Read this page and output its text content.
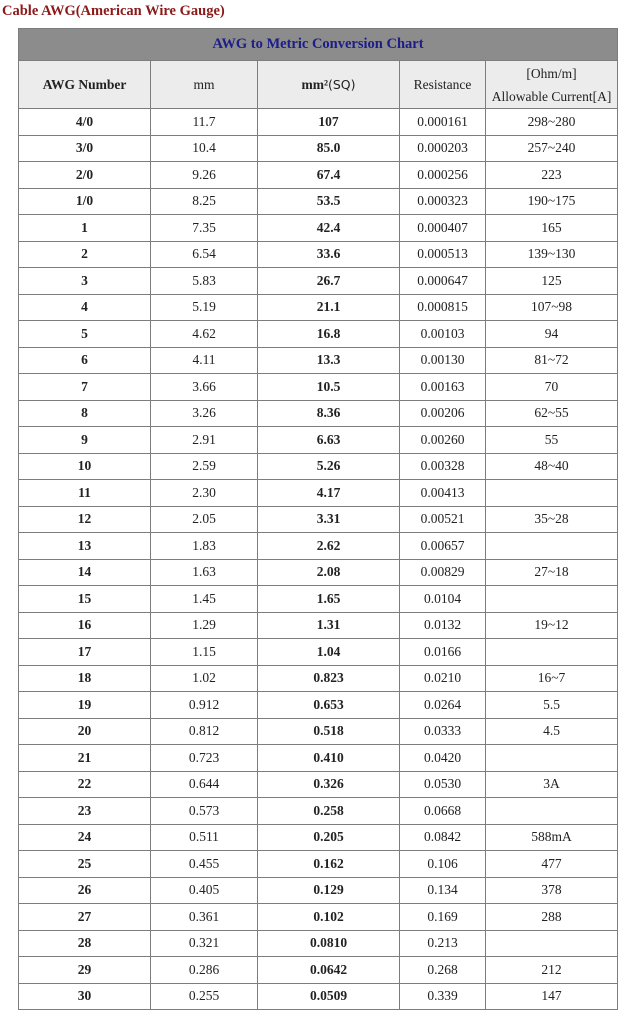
Cable AWG(American Wire Gauge)
AWG to Metric Conversion Chart				
AWG Number	mm	mm²(SQ)	Resistance	[Ohm/m]
Allowable Current[A]
4/0	11.7	107	0.000161	298~280
3/0	10.4	85.0	0.000203	257~240
2/0	9.26	67.4	0.000256	223
1/0	8.25	53.5	0.000323	190~175
1	7.35	42.4	0.000407	165
2	6.54	33.6	0.000513	139~130
3	5.83	26.7	0.000647	125
4	5.19	21.1	0.000815	107~98
5	4.62	16.8	0.00103	94
6	4.11	13.3	0.00130	81~72
7	3.66	10.5	0.00163	70
8	3.26	8.36	0.00206	62~55
9	2.91	6.63	0.00260	55
10	2.59	5.26	0.00328	48~40
11	2.30	4.17	0.00413	
12	2.05	3.31	0.00521	35~28
13	1.83	2.62	0.00657	
14	1.63	2.08	0.00829	27~18
15	1.45	1.65	0.0104	
16	1.29	1.31	0.0132	19~12
17	1.15	1.04	0.0166	
18	1.02	0.823	0.0210	16~7
19	0.912	0.653	0.0264	5.5
20	0.812	0.518	0.0333	4.5
21	0.723	0.410	0.0420	
22	0.644	0.326	0.0530	3A
23	0.573	0.258	0.0668	
24	0.511	0.205	0.0842	588mA
25	0.455	0.162	0.106	477
26	0.405	0.129	0.134	378
27	0.361	0.102	0.169	288
28	0.321	0.0810	0.213	
29	0.286	0.0642	0.268	212
30	0.255	0.0509	0.339	147
